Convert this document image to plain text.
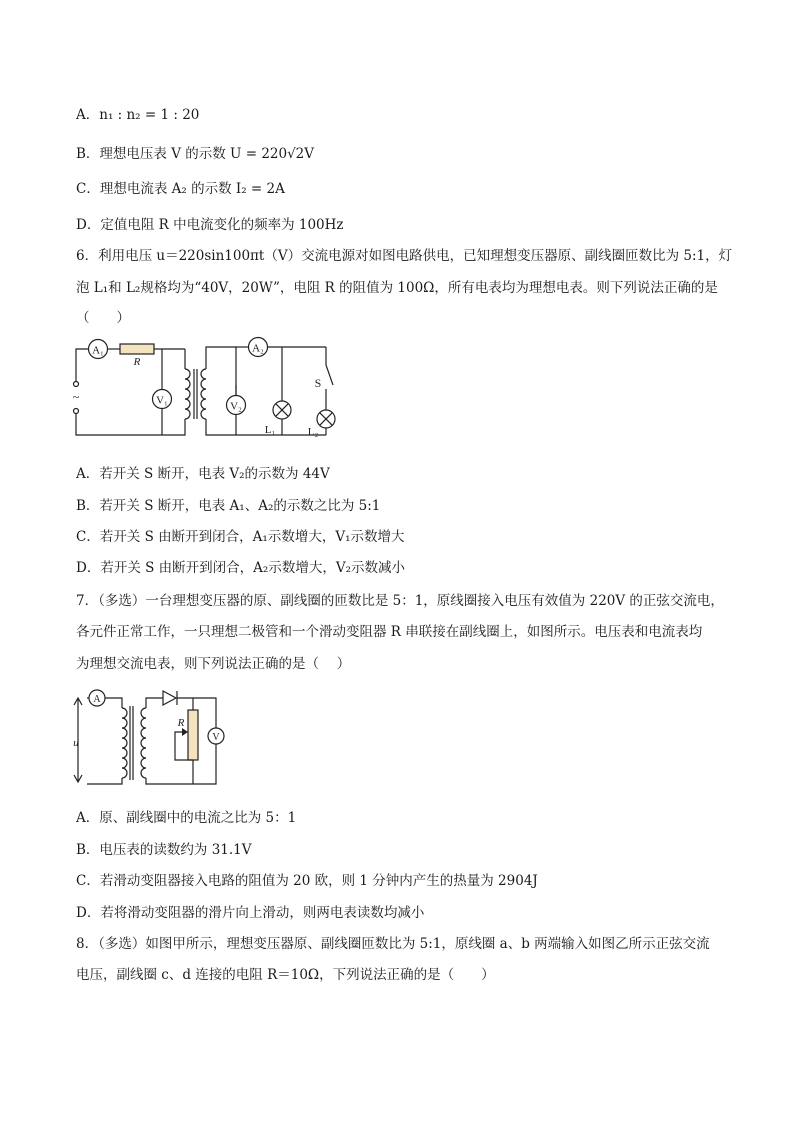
A．n₁ : n₂ = 1 : 20
B．理想电压表 V 的示数 U = 220√2V
C．理想电流表 A₂ 的示数 I₂ = 2A
D．定值电阻 R 中电流变化的频率为 100Hz
6．利用电压 u＝220sin100πt（V）交流电源对如图电路供电，已知理想变压器原、副线圈匝数比为 5:1，灯
泡 L₁和 L₂规格均为“40V，20W”，电阻 R 的阻值为 100Ω，所有电表均为理想电表。则下列说法正确的是
（　　）
A₁
R
V₁
~
A₂
V₂
L₁
S
L₂
A．若开关 S 断开，电表 V₂的示数为 44V
B．若开关 S 断开，电表 A₁、A₂的示数之比为 5:1
C．若开关 S 由断开到闭合，A₁示数增大，V₁示数增大
D．若开关 S 由断开到闭合，A₂示数增大，V₂示数减小
7．（多选）一台理想变压器的原、副线圈的匝数比是 5：1，原线圈接入电压有效值为 220V 的正弦交流电，
各元件正常工作，一只理想二极管和一个滑动变阻器 R 串联接在副线圈上，如图所示。电压表和电流表均
为理想交流电表，则下列说法正确的是（　 ）
u
A
R
V
A．原、副线圈中的电流之比为 5：1
B．电压表的读数约为 31.1V
C．若滑动变阻器接入电路的阻值为 20 欧，则 1 分钟内产生的热量为 2904J
D．若将滑动变阻器的滑片向上滑动，则两电表读数均减小
8．（多选）如图甲所示，理想变压器原、副线圈匝数比为 5:1，原线圈 a、b 两端输入如图乙所示正弦交流
电压，副线圈 c、d 连接的电阻 R＝10Ω，下列说法正确的是（　　）
